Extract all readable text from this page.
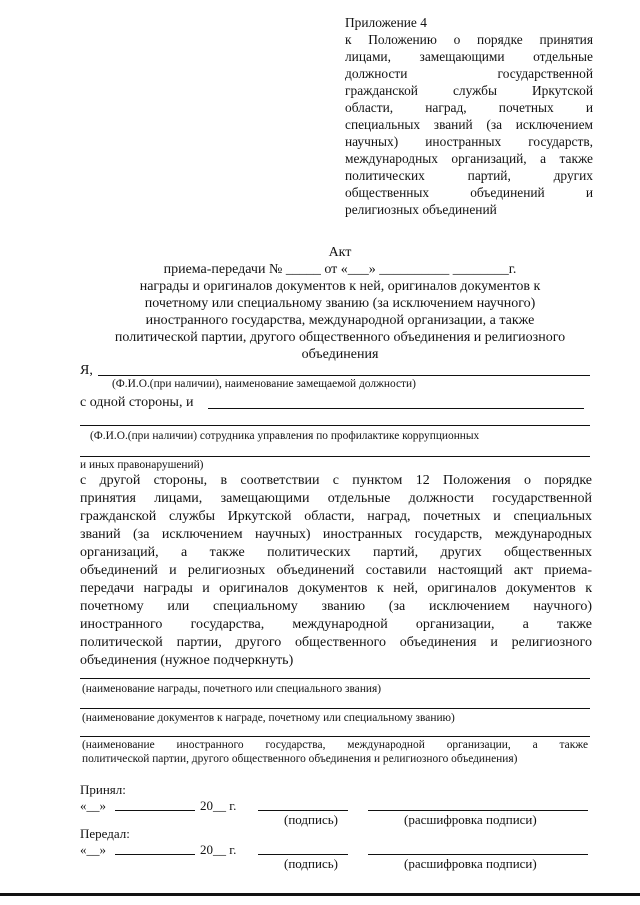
Приложение 4
к Положению о порядке принятия
лицами, замещающими отдельные
должности государственной
гражданской службы Иркутской
области, наград, почетных и
специальных званий (за исключением
научных) иностранных государств,
международных организаций, а также
политических партий, других
общественных объединений и
религиозных объединений
Акт
приема-передачи № _____ от «___» __________ ________г.
награды и оригиналов документов к ней, оригиналов документов к
почетному или специальному званию (за исключением научного)
иностранного государства, международной организации, а также
политической партии, другого общественного объединения и религиозного
объединения
Я,
(Ф.И.О.(при наличии), наименование замещаемой должности)
с одной стороны, и
(Ф.И.О.(при наличии) сотрудника управления по профилактике коррупционных
и иных правонарушений)
с другой стороны, в соответствии с пунктом 12 Положения о порядке
принятия лицами, замещающими отдельные должности государственной
гражданской службы Иркутской области, наград, почетных и специальных
званий (за исключением научных) иностранных государств, международных
организаций, а также политических партий, других общественных
объединений и религиозных объединений составили настоящий акт приема-
передачи награды и оригиналов документов к ней, оригиналов документов к
почетному или специальному званию (за исключением научного)
иностранного государства, международной организации, а также
политической партии, другого общественного объединения и религиозного
объединения (нужное подчеркнуть)
(наименование награды, почетного или специального звания)
(наименование документов к награде, почетному или специальному званию)
(наименование иностранного государства, международной организации, а также
политической партии, другого общественного объединения и религиозного объединения)
Принял:
«__»	20__ г.
(подпись)	(расшифровка подписи)
Передал:
«__»	20__ г.
(подпись)	(расшифровка подписи)
